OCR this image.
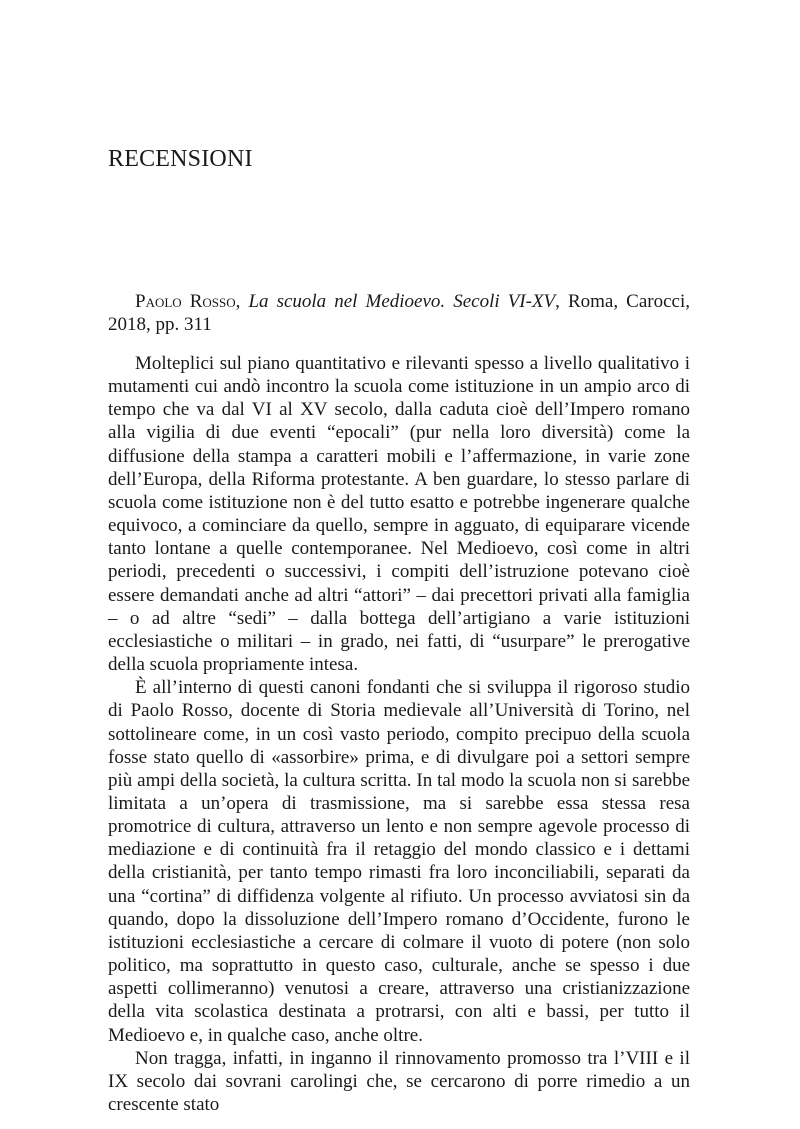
RECENSIONI

Paolo Rosso, La scuola nel Medioevo. Secoli VI-XV, Roma, Carocci, 2018, pp. 311

Molteplici sul piano quantitativo e rilevanti spesso a livello qualitativo i mutamenti cui andò incontro la scuola come istituzione in un ampio arco di tempo che va dal VI al XV secolo, dalla caduta cioè dell’Impero romano alla vigilia di due eventi “epocali” (pur nella loro diversità) come la diffusione della stampa a caratteri mobili e l’affermazione, in varie zone dell’Europa, della Riforma protestante. A ben guardare, lo stesso parlare di scuola come istituzione non è del tutto esatto e potrebbe ingenerare qualche equivoco, a cominciare da quello, sempre in agguato, di equiparare vicende tanto lontane a quelle contemporanee. Nel Medioevo, così come in altri periodi, precedenti o successivi, i compiti dell’istruzione potevano cioè essere demandati anche ad altri “attori” – dai precettori privati alla famiglia – o ad altre “sedi” – dalla bottega dell’artigiano a varie istituzioni ecclesiastiche o militari – in grado, nei fatti, di “usurpare” le prerogative della scuola propriamente intesa.

È all’interno di questi canoni fondanti che si sviluppa il rigoroso studio di Paolo Rosso, docente di Storia medievale all’Università di Torino, nel sottolineare come, in un così vasto periodo, compito precipuo della scuola fosse stato quello di «assorbire» prima, e di divulgare poi a settori sempre più ampi della società, la cultura scritta. In tal modo la scuola non si sarebbe limitata a un’opera di trasmissione, ma si sarebbe essa stessa resa promotrice di cultura, attraverso un lento e non sempre agevole processo di mediazione e di continuità fra il retaggio del mondo classico e i dettami della cristianità, per tanto tempo rimasti fra loro inconciliabili, separati da una “cortina” di diffidenza volgente al rifiuto. Un processo avviatosi sin da quando, dopo la dissoluzione dell’Impero romano d’Occidente, furono le istituzioni ecclesiastiche a cercare di colmare il vuoto di potere (non solo politico, ma soprattutto in questo caso, culturale, anche se spesso i due aspetti collimeranno) venutosi a creare, attraverso una cristianizzazione della vita scolastica destinata a protrarsi, con alti e bassi, per tutto il Medioevo e, in qualche caso, anche oltre.

Non tragga, infatti, in inganno il rinnovamento promosso tra l’VIII e il IX secolo dai sovrani carolingi che, se cercarono di porre rimedio a un crescente stato
